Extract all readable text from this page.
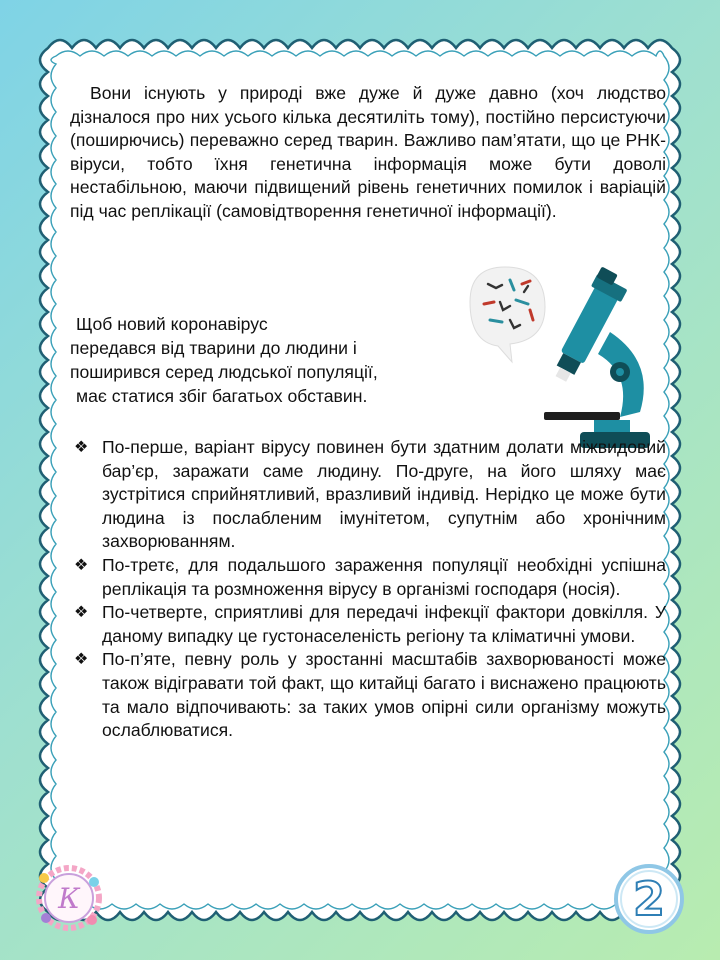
Вони існують у природі вже дуже й дуже давно (хоч людство дізналося про них усього кілька десятиліть тому), постійно персистуючи (поширючись) переважно серед тварин. Важливо пам’ятати, що це РНК-віруси, тобто їхня генетична інформація може бути доволі нестабільною, маючи підвищений рівень генетичних помилок і варіацій під час реплікації (самовідтворення генетичної інформації).

Щоб новий коронавірус
передався від тварини до людини і
поширився серед людської популяції,
має статися збіг багатьох обставин.
❖ По-перше, варіант вірусу повинен бути здатним долати міжвидовий бар’єр, заражати саме людину. По-друге, на його шляху має зустрітися сприйнятливий, вразливий індивід. Нерідко це може бути людина із послабленим імунітетом, супутнім або хронічним захворюванням.
❖ По-третє, для подальшого зараження популяції необхідні успішна реплікація та розмноження вірусу в організмі господаря (носія).
❖ По-четверте, сприятливі для передачі інфекції фактори довкілля. У даному випадку це густонаселеність регіону та кліматичні умови.
❖ По-п’яте, певну роль у зростанні масштабів захворюваності може також відігравати той факт, що китайці багато і виснажено працюють та мало відпочивають: за таких умов опірні сили організму можуть ослаблюватися.
К	2
